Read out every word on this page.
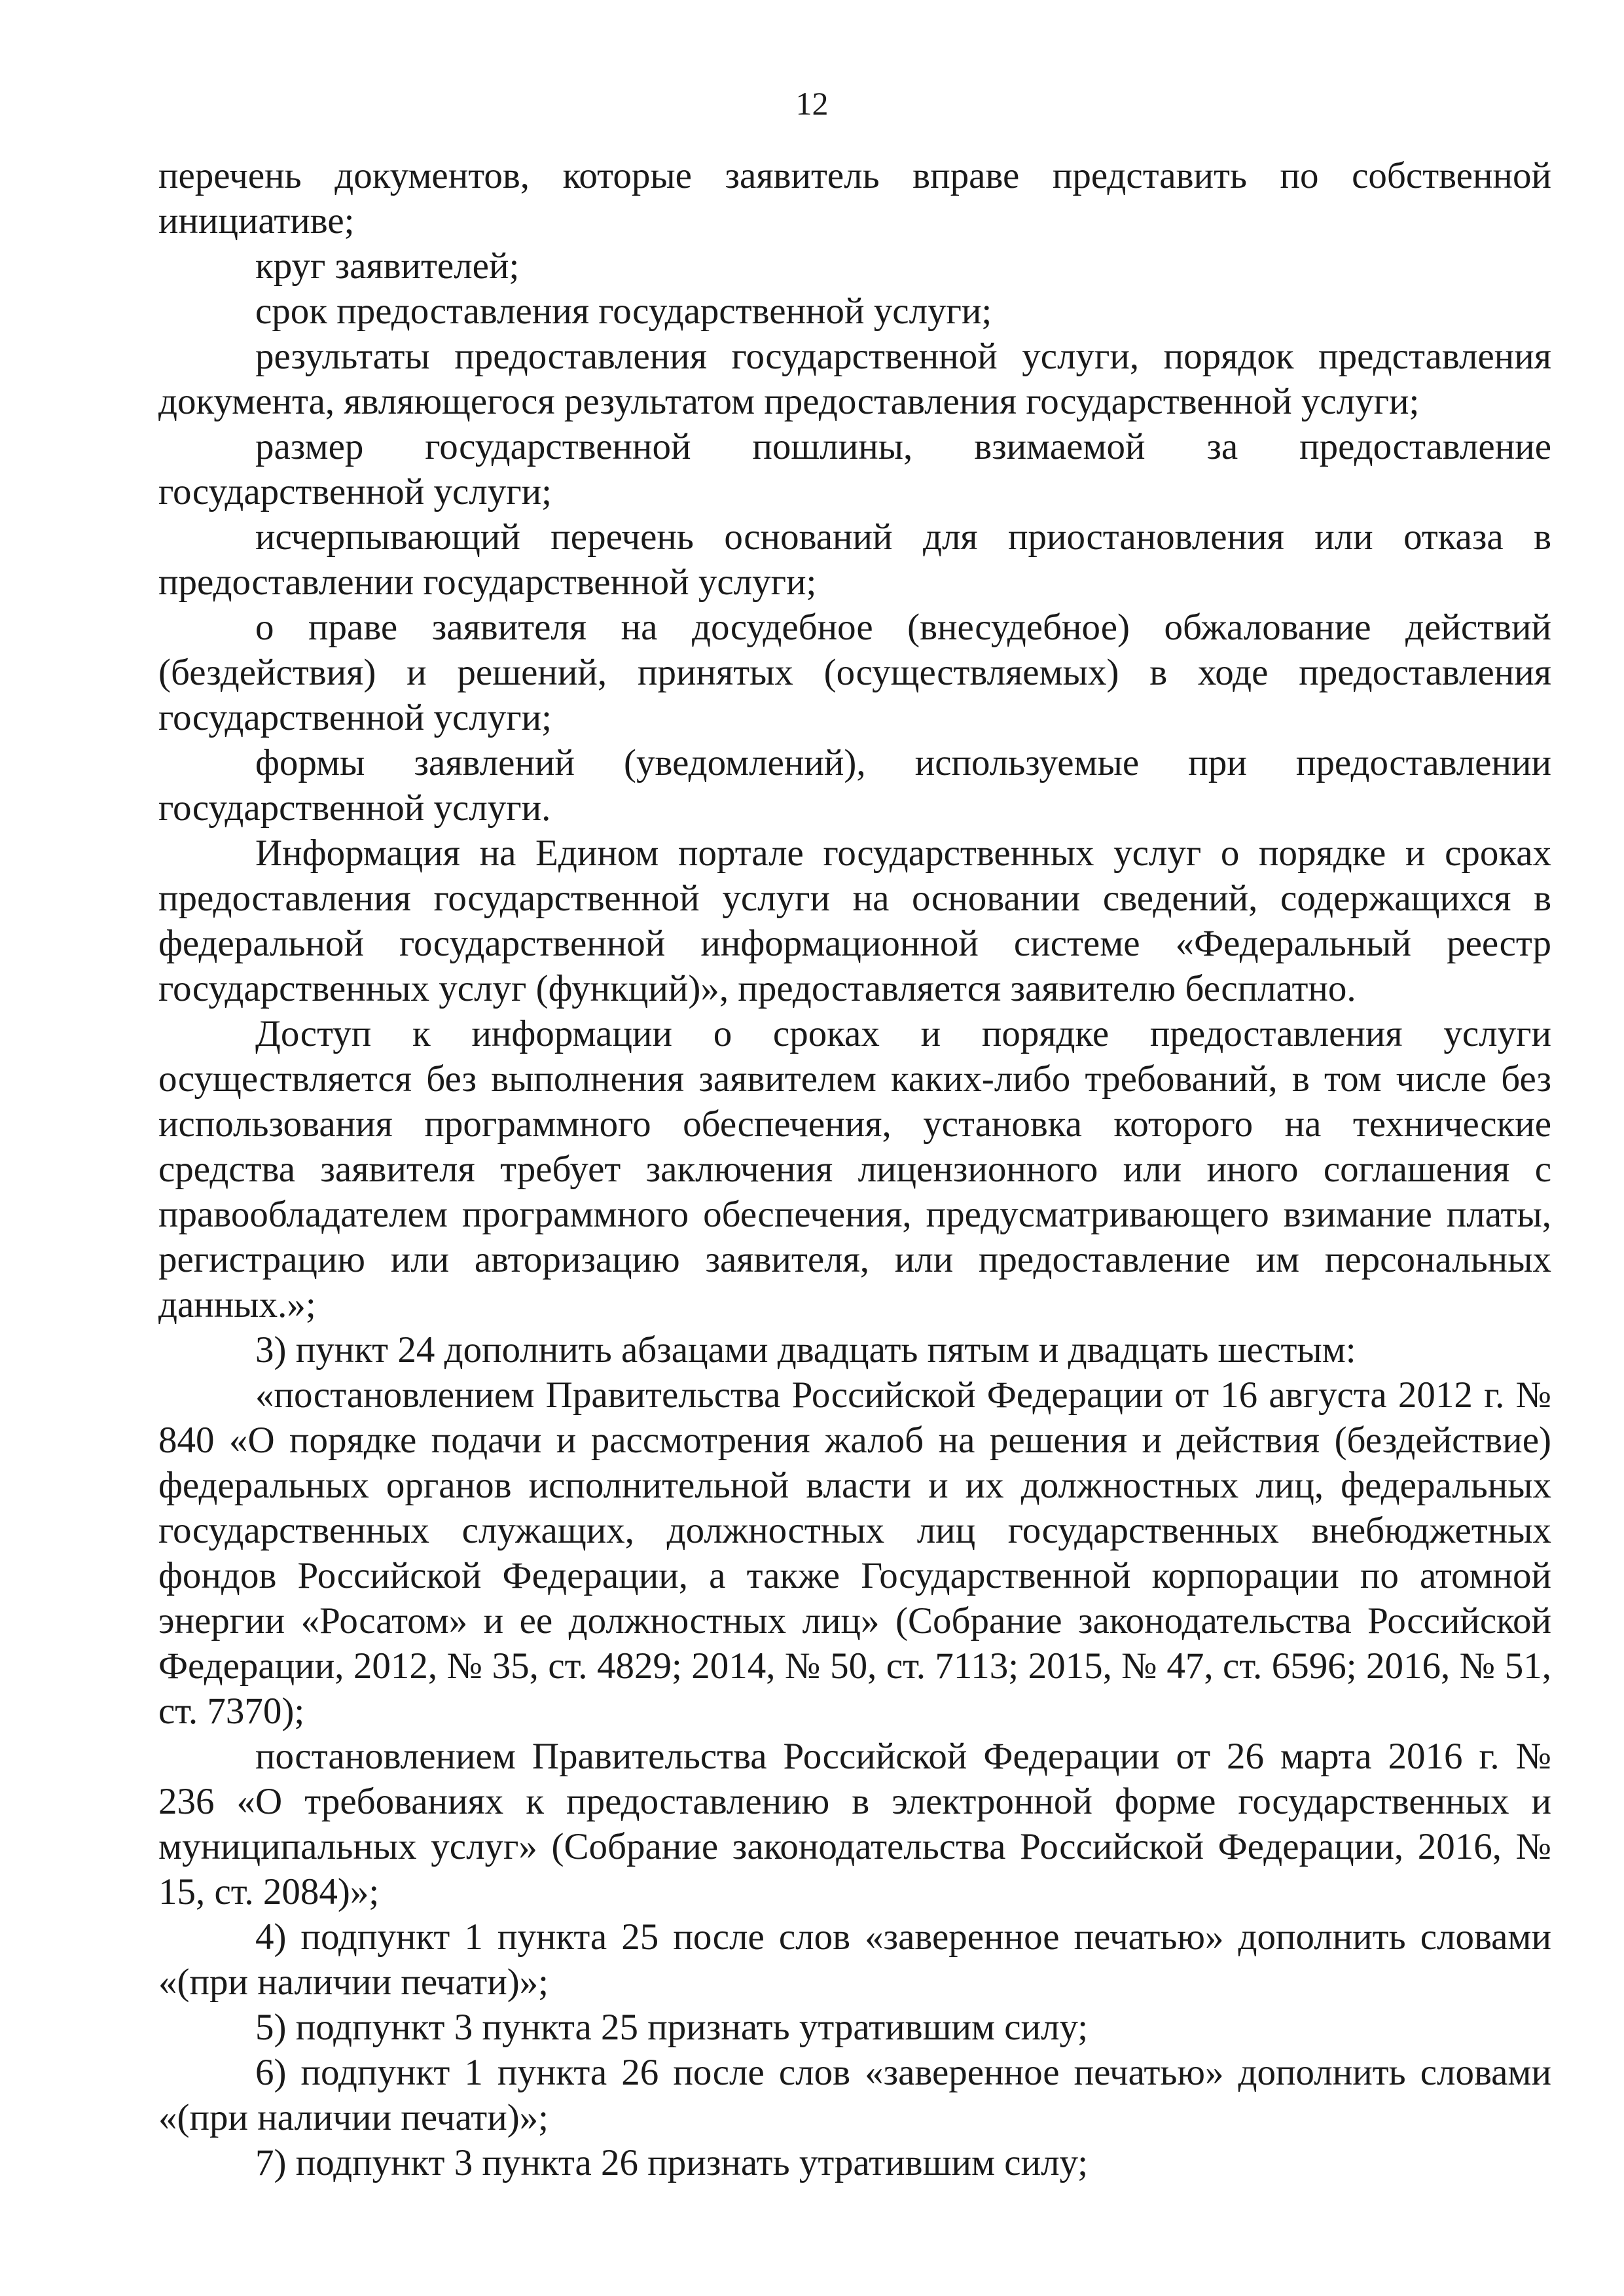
12

перечень документов, которые заявитель вправе представить по собственной инициативе;

круг заявителей;

срок предоставления государственной услуги;

результаты предоставления государственной услуги, порядок представления документа, являющегося результатом предоставления государственной услуги;

размер государственной пошлины, взимаемой за предоставление государственной услуги;

исчерпывающий перечень оснований для приостановления или отказа в предоставлении государственной услуги;

о праве заявителя на досудебное (внесудебное) обжалование действий (бездействия) и решений, принятых (осуществляемых) в ходе предоставления государственной услуги;

формы заявлений (уведомлений), используемые при предоставлении государственной услуги.

Информация на Едином портале государственных услуг о порядке и сроках предоставления государственной услуги на основании сведений, содержащихся в федеральной государственной информационной системе «Федеральный реестр государственных услуг (функций)», предоставляется заявителю бесплатно.

Доступ к информации о сроках и порядке предоставления услуги осуществляется без выполнения заявителем каких-либо требований, в том числе без использования программного обеспечения, установка которого на технические средства заявителя требует заключения лицензионного или иного соглашения с правообладателем программного обеспечения, предусматривающего взимание платы, регистрацию или авторизацию заявителя, или предоставление им персональных данных.»;

3) пункт 24 дополнить абзацами двадцать пятым и двадцать шестым:

«постановлением Правительства Российской Федерации от 16 августа 2012 г. № 840 «О порядке подачи и рассмотрения жалоб на решения и действия (бездействие) федеральных органов исполнительной власти и их должностных лиц, федеральных государственных служащих, должностных лиц государственных внебюджетных фондов Российской Федерации, а также Государственной корпорации по атомной энергии «Росатом» и ее должностных лиц» (Собрание законодательства Российской Федерации, 2012, № 35, ст. 4829; 2014, № 50, ст. 7113; 2015, № 47, ст. 6596; 2016, № 51, ст. 7370);

постановлением Правительства Российской Федерации от 26 марта 2016 г. № 236 «О требованиях к предоставлению в электронной форме государственных и муниципальных услуг» (Собрание законодательства Российской Федерации, 2016, № 15, ст. 2084)»;

4) подпункт 1 пункта 25 после слов «заверенное печатью» дополнить словами «(при наличии печати)»;

5) подпункт 3 пункта 25 признать утратившим силу;

6) подпункт 1 пункта 26 после слов «заверенное печатью» дополнить словами «(при наличии печати)»;

7) подпункт 3 пункта 26 признать утратившим силу;
